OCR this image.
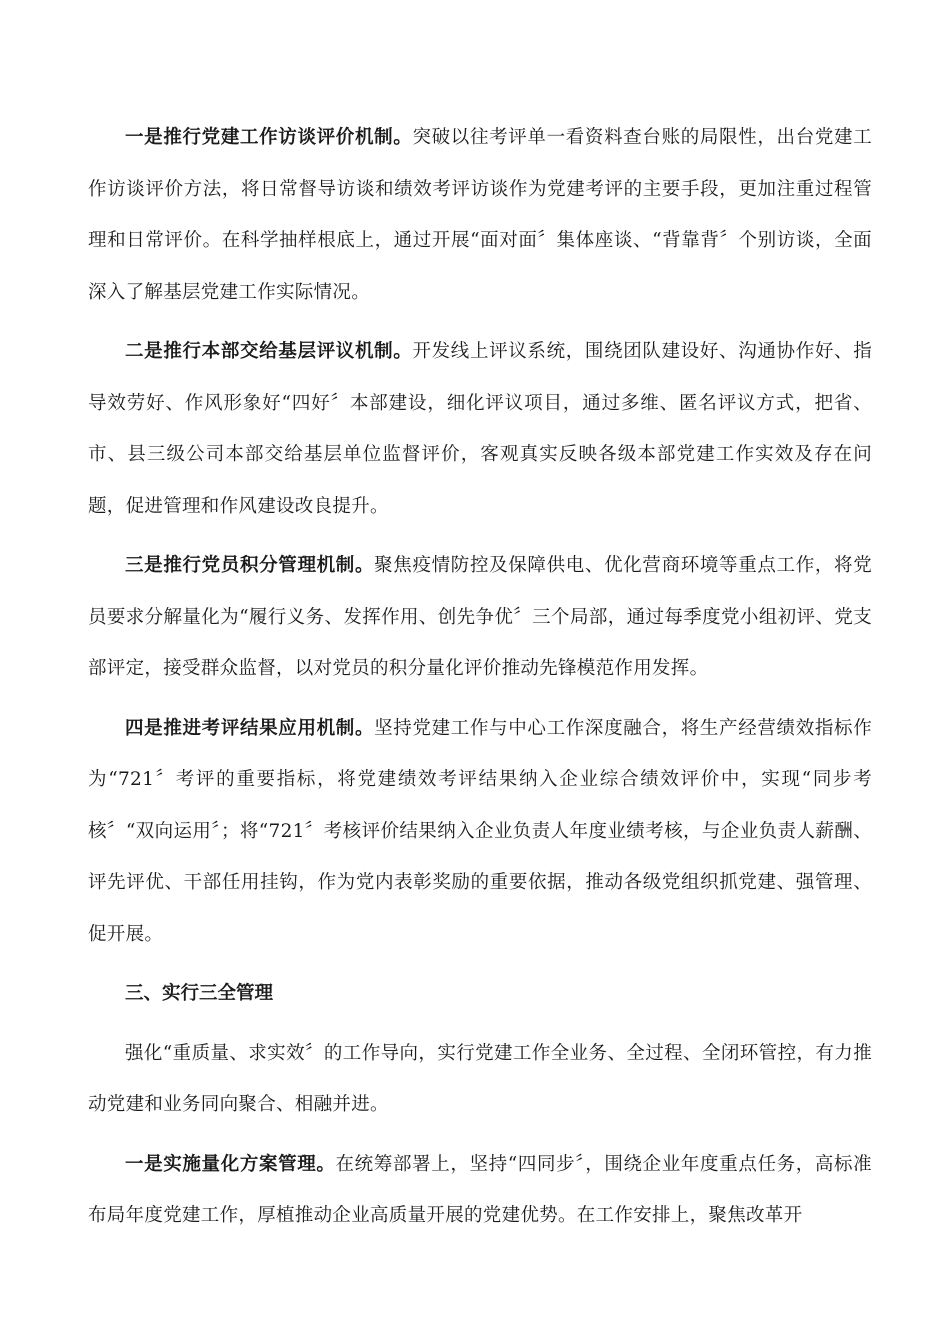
一是推行党建工作访谈评价机制。突破以往考评单一看资料查台账的局限性，出台党建工作访谈评价方法，将日常督导访谈和绩效考评访谈作为党建考评的主要手段，更加注重过程管理和日常评价。在科学抽样根底上，通过开展“面对面〞集体座谈、“背靠背〞个别访谈，全面深入了解基层党建工作实际情况。

二是推行本部交给基层评议机制。开发线上评议系统，围绕团队建设好、沟通协作好、指导效劳好、作风形象好“四好〞本部建设，细化评议项目，通过多维、匿名评议方式，把省、市、县三级公司本部交给基层单位监督评价，客观真实反映各级本部党建工作实效及存在问题，促进管理和作风建设改良提升。

三是推行党员积分管理机制。聚焦疫情防控及保障供电、优化营商环境等重点工作，将党员要求分解量化为“履行义务、发挥作用、创先争优〞三个局部，通过每季度党小组初评、党支部评定，接受群众监督，以对党员的积分量化评价推动先锋模范作用发挥。

四是推进考评结果应用机制。坚持党建工作与中心工作深度融合，将生产经营绩效指标作为“721〞考评的重要指标，将党建绩效考评结果纳入企业综合绩效评价中，实现“同步考核〞“双向运用〞；将“721〞考核评价结果纳入企业负责人年度业绩考核，与企业负责人薪酬、评先评优、干部任用挂钩，作为党内表彰奖励的重要依据，推动各级党组织抓党建、强管理、促开展。

三、实行三全管理

强化“重质量、求实效〞的工作导向，实行党建工作全业务、全过程、全闭环管控，有力推动党建和业务同向聚合、相融并进。

一是实施量化方案管理。在统筹部署上，坚持“四同步〞，围绕企业年度重点任务，高标准布局年度党建工作，厚植推动企业高质量开展的党建优势。在工作安排上，聚焦改革开
